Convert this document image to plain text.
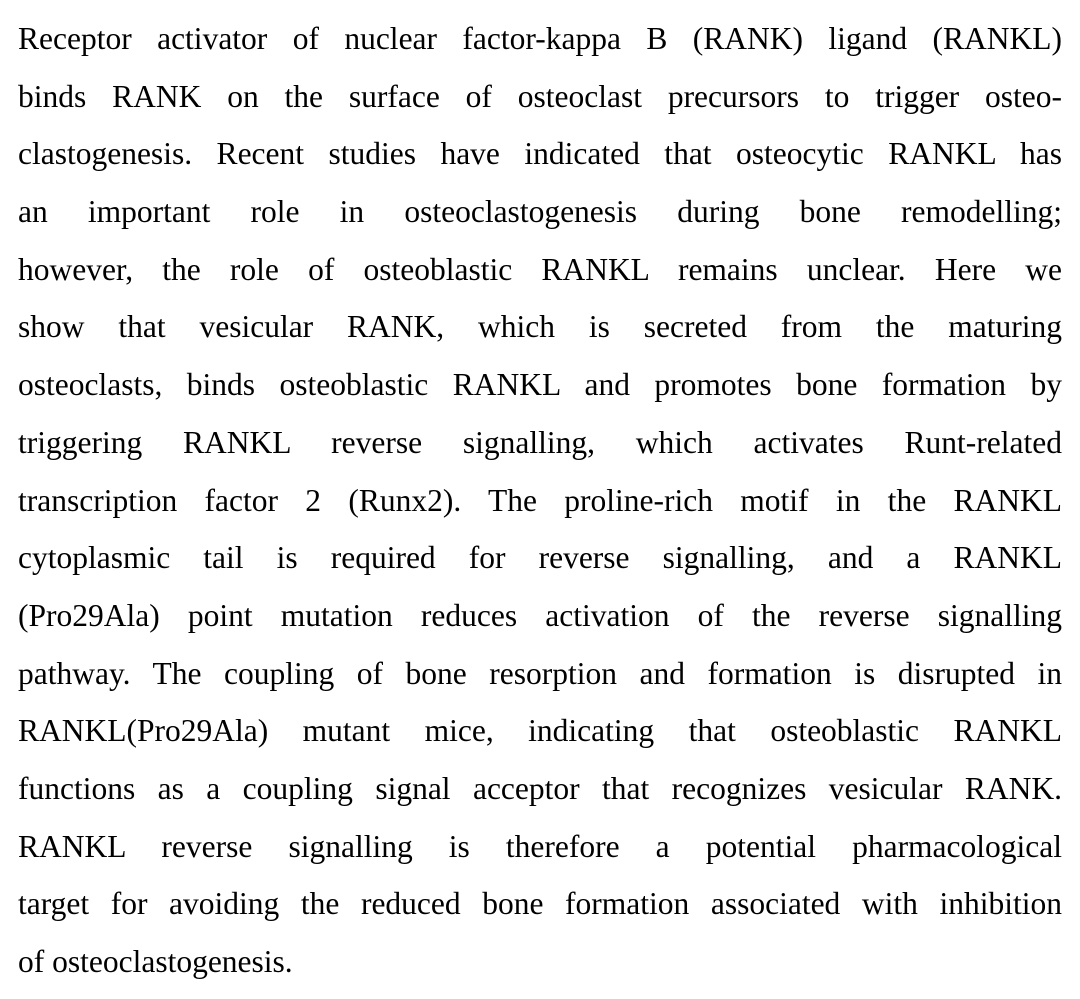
Receptor activator of nuclear factor-kappa B (RANK) ligand (RANKL)
binds RANK on the surface of osteoclast precursors to trigger osteo-
clastogenesis. Recent studies have indicated that osteocytic RANKL has
an important role in osteoclastogenesis during bone remodelling;
however, the role of osteoblastic RANKL remains unclear. Here we
show that vesicular RANK, which is secreted from the maturing
osteoclasts, binds osteoblastic RANKL and promotes bone formation by
triggering RANKL reverse signalling, which activates Runt-related
transcription factor 2 (Runx2). The proline-rich motif in the RANKL
cytoplasmic tail is required for reverse signalling, and a RANKL
(Pro29Ala) point mutation reduces activation of the reverse signalling
pathway. The coupling of bone resorption and formation is disrupted in
RANKL(Pro29Ala) mutant mice, indicating that osteoblastic RANKL
functions as a coupling signal acceptor that recognizes vesicular RANK.
RANKL reverse signalling is therefore a potential pharmacological
target for avoiding the reduced bone formation associated with inhibition
of osteoclastogenesis.
